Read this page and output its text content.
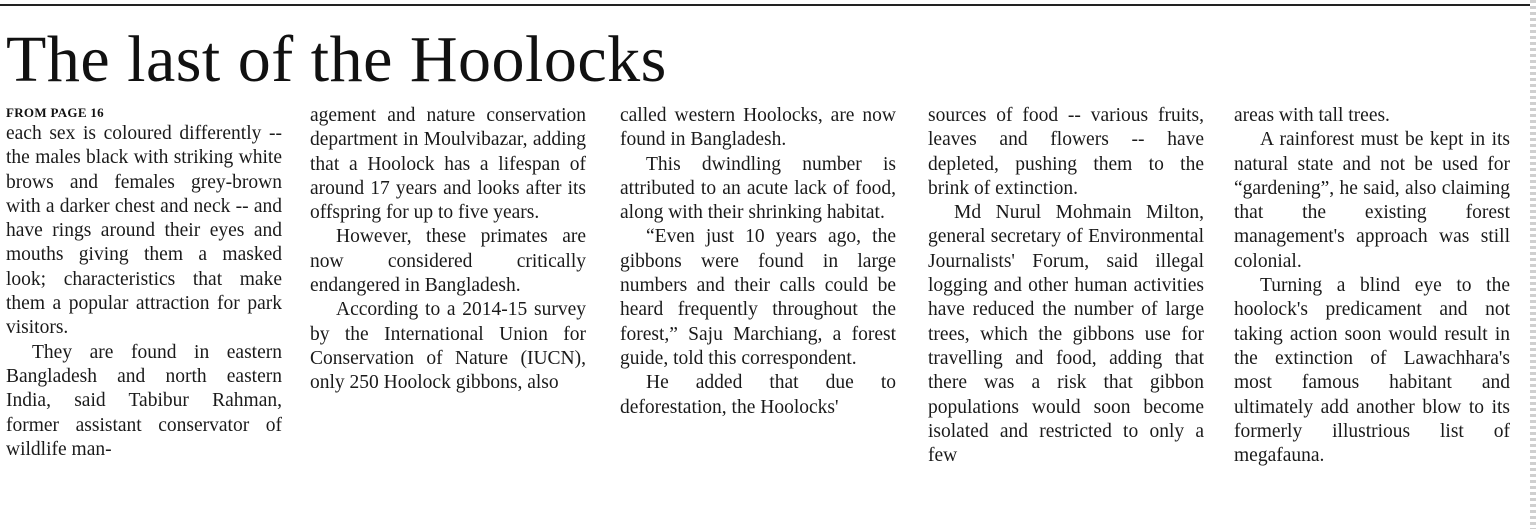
The last of the Hoolocks
FROM PAGE 16

each sex is coloured differently -- the males black with striking white brows and females grey-brown with a darker chest and neck -- and have rings around their eyes and mouths giving them a masked look; characteristics that make them a popular attraction for park visitors.

They are found in eastern Bangladesh and north eastern India, said Tabibur Rahman, former assistant conservator of wildlife man-

agement and nature conservation department in Moulvibazar, adding that a Hoolock has a lifespan of around 17 years and looks after its offspring for up to five years.

However, these primates are now considered critically endangered in Bangladesh.

According to a 2014-15 survey by the International Union for Conservation of Nature (IUCN), only 250 Hoolock gibbons, also

called western Hoolocks, are now found in Bangladesh.

This dwindling number is attributed to an acute lack of food, along with their shrinking habitat.

“Even just 10 years ago, the gibbons were found in large numbers and their calls could be heard frequently throughout the forest,” Saju Marchiang, a forest guide, told this correspondent.

He added that due to deforestation, the Hoolocks'

sources of food -- various fruits, leaves and flowers -- have depleted, pushing them to the brink of extinction.

Md Nurul Mohmain Milton, general secretary of Environmental Journalists' Forum, said illegal logging and other human activities have reduced the number of large trees, which the gibbons use for travelling and food, adding that there was a risk that gibbon populations would soon become isolated and restricted to only a few

areas with tall trees.

A rainforest must be kept in its natural state and not be used for “gardening”, he said, also claiming that the existing forest management's approach was still colonial.

Turning a blind eye to the hoolock's predicament and not taking action soon would result in the extinction of Lawachhara's most famous habitant and ultimately add another blow to its formerly illustrious list of megafauna.
